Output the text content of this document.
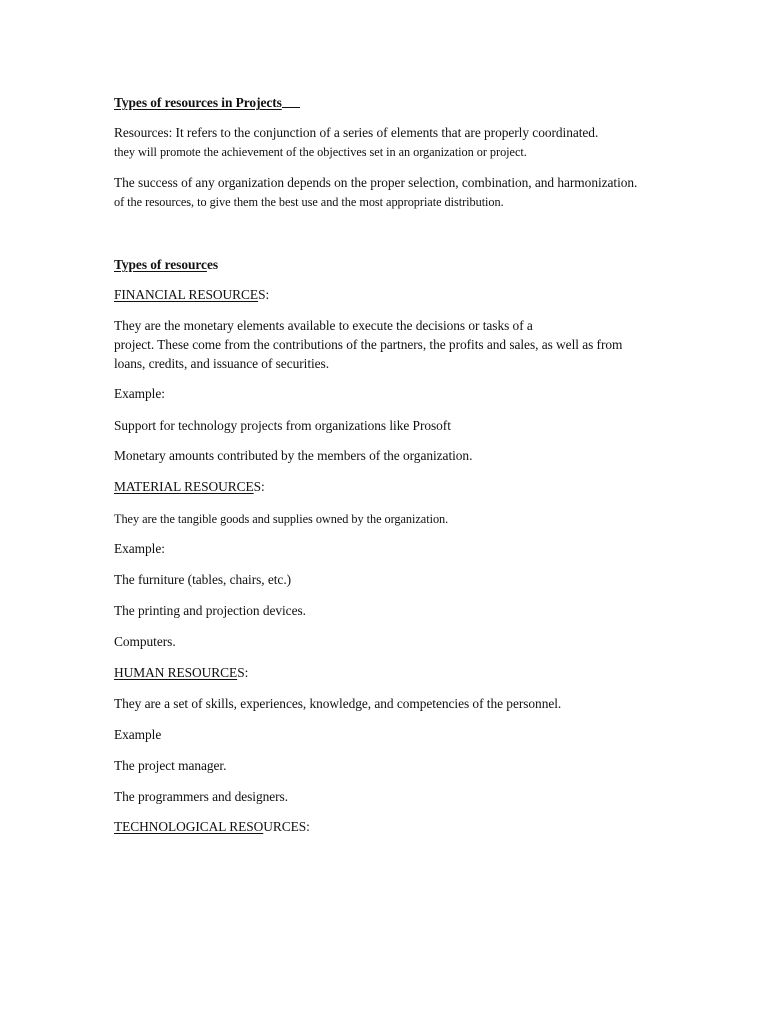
Types of resources in Projects
Resources: It refers to the conjunction of a series of elements that are properly coordinated.
they will promote the achievement of the objectives set in an organization or project.
The success of any organization depends on the proper selection, combination, and harmonization.
of the resources, to give them the best use and the most appropriate distribution.
Types of resources
FINANCIAL RESOURCES:
They are the monetary elements available to execute the decisions or tasks of a
project. These come from the contributions of the partners, the profits and sales, as well as from
loans, credits, and issuance of securities.
Example:
Support for technology projects from organizations like Prosoft
Monetary amounts contributed by the members of the organization.
MATERIAL RESOURCES:
They are the tangible goods and supplies owned by the organization.
Example:
The furniture (tables, chairs, etc.)
The printing and projection devices.
Computers.
HUMAN RESOURCES:
They are a set of skills, experiences, knowledge, and competencies of the personnel.
Example
The project manager.
The programmers and designers.
TECHNOLOGICAL RESOURCES:
